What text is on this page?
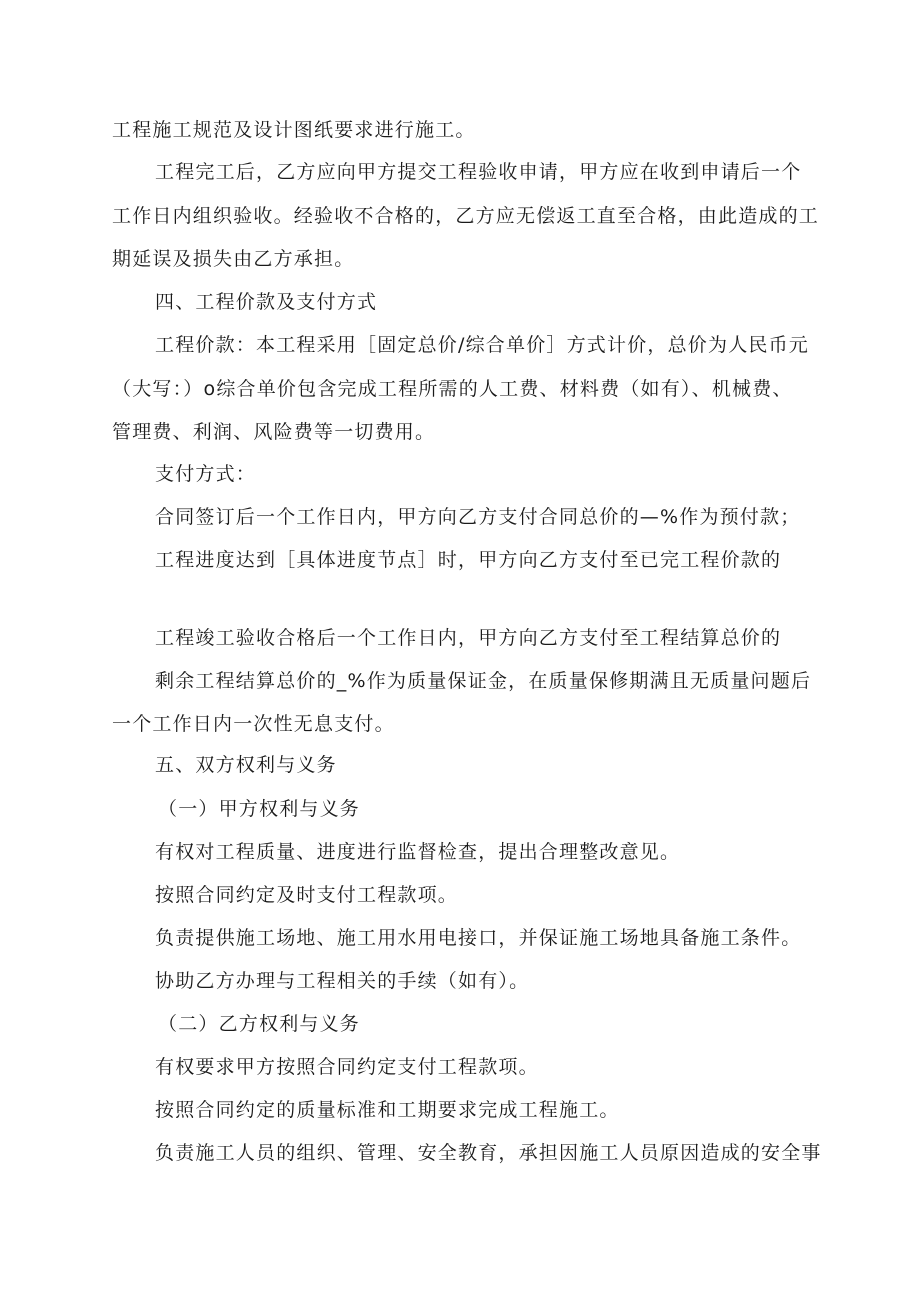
工程施工规范及设计图纸要求进行施工。
工程完工后，乙方应向甲方提交工程验收申请，甲方应在收到申请后一个
工作日内组织验收。经验收不合格的，乙方应无偿返工直至合格，由此造成的工
期延误及损失由乙方承担。
四、工程价款及支付方式
工程价款：本工程采用［固定总价/综合单价］方式计价，总价为人民币元
（大写：）o综合单价包含完成工程所需的人工费、材料费（如有）、机械费、
管理费、利润、风险费等一切费用。
支付方式：
合同签订后一个工作日内，甲方向乙方支付合同总价的—%作为预付款；
工程进度达到［具体进度节点］时，甲方向乙方支付至已完工程价款的
工程竣工验收合格后一个工作日内，甲方向乙方支付至工程结算总价的
剩余工程结算总价的_%作为质量保证金，在质量保修期满且无质量问题后
一个工作日内一次性无息支付。
五、双方权利与义务
（一）甲方权利与义务
有权对工程质量、进度进行监督检查，提出合理整改意见。
按照合同约定及时支付工程款项。
负责提供施工场地、施工用水用电接口，并保证施工场地具备施工条件。
协助乙方办理与工程相关的手续（如有）。
（二）乙方权利与义务
有权要求甲方按照合同约定支付工程款项。
按照合同约定的质量标准和工期要求完成工程施工。
负责施工人员的组织、管理、安全教育，承担因施工人员原因造成的安全事
